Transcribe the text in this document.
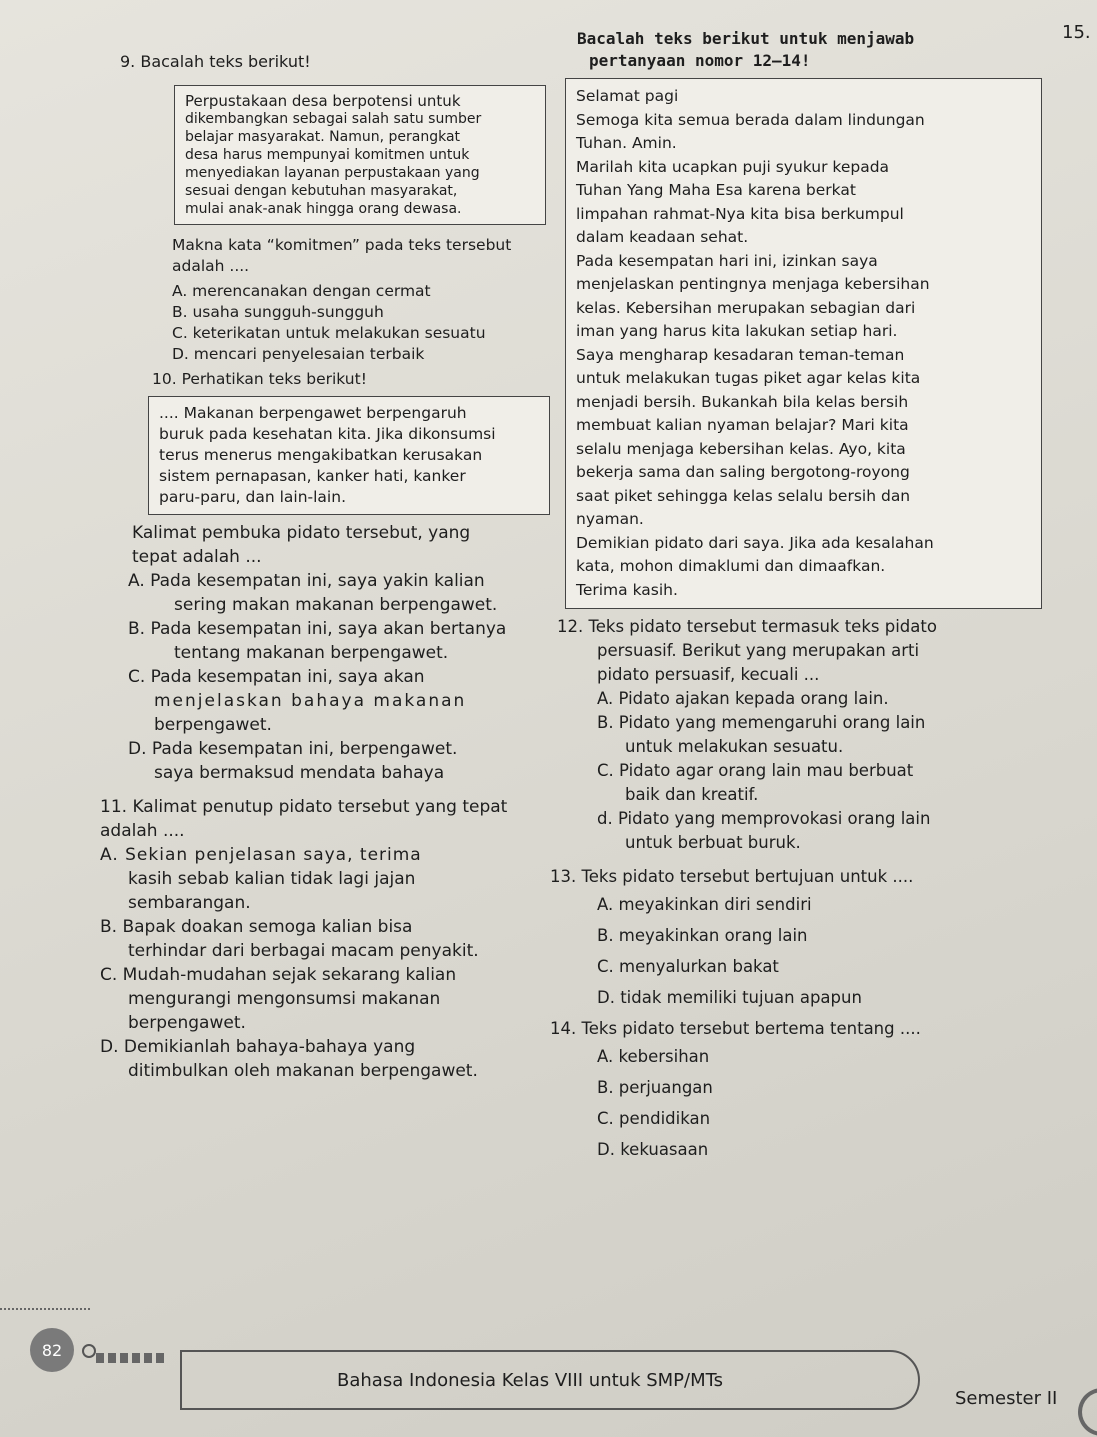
15.
9. Bacalah teks berikut!

Perpustakaan desa berpotensi untuk

dikembangkan sebagai salah satu sumber

belajar masyarakat. Namun, perangkat

desa harus mempunyai komitmen untuk

menyediakan layanan perpustakaan yang

sesuai dengan kebutuhan masyarakat,

mulai anak-anak hingga orang dewasa.

Makna kata “komitmen” pada teks tersebut
adalah ....
A. merencanakan dengan cermat
B. usaha sungguh-sungguh
C. keterikatan untuk melakukan sesuatu
D. mencari penyelesaian terbaik
10. Perhatikan teks berikut!

.... Makanan berpengawet berpengaruh

buruk pada kesehatan kita. Jika dikonsumsi

terus menerus mengakibatkan kerusakan

sistem pernapasan, kanker hati, kanker

paru-paru, dan lain-lain.

Kalimat pembuka pidato tersebut, yang
tepat adalah ...
A. Pada kesempatan ini, saya yakin kalian
sering makan makanan berpengawet.
B. Pada kesempatan ini, saya akan bertanya
tentang makanan berpengawet.
C. Pada kesempatan ini, saya akan
menjelaskan bahaya makanan
berpengawet.
D. Pada kesempatan ini, berpengawet.
saya bermaksud mendata bahaya
11. Kalimat penutup pidato tersebut yang tepat
adalah ....
A. Sekian penjelasan saya, terima
kasih sebab kalian tidak lagi jajan
sembarangan.
B. Bapak doakan semoga kalian bisa
terhindar dari berbagai macam penyakit.
C. Mudah-mudahan sejak sekarang kalian
mengurangi mengonsumsi makanan
berpengawet.
D. Demikianlah bahaya-bahaya yang
ditimbulkan oleh makanan berpengawet.
Bacalah teks berikut untuk menjawab
pertanyaan nomor 12–14!

Selamat pagi

Semoga kita semua berada dalam lindungan

Tuhan. Amin.

Marilah kita ucapkan puji syukur kepada

Tuhan Yang Maha Esa karena berkat

limpahan rahmat-Nya kita bisa berkumpul

dalam keadaan sehat.

Pada kesempatan hari ini, izinkan saya

menjelaskan pentingnya menjaga kebersihan

kelas. Kebersihan merupakan sebagian dari

iman yang harus kita lakukan setiap hari.

Saya mengharap kesadaran teman-teman

untuk melakukan tugas piket agar kelas kita

menjadi bersih. Bukankah bila kelas bersih

membuat kalian nyaman belajar? Mari kita

selalu menjaga kebersihan kelas. Ayo, kita

bekerja sama dan saling bergotong-royong

saat piket sehingga kelas selalu bersih dan

nyaman.

Demikian pidato dari saya. Jika ada kesalahan

kata, mohon dimaklumi dan dimaafkan.

Terima kasih.

12. Teks pidato tersebut termasuk teks pidato
persuasif. Berikut yang merupakan arti
pidato persuasif, kecuali ...
A. Pidato ajakan kepada orang lain.
B. Pidato yang memengaruhi orang lain
untuk melakukan sesuatu.
C. Pidato agar orang lain mau berbuat
baik dan kreatif.
d. Pidato yang memprovokasi orang lain
untuk berbuat buruk.
13. Teks pidato tersebut bertujuan untuk ....
A. meyakinkan diri sendiri
B. meyakinkan orang lain
C. menyalurkan bakat
D. tidak memiliki tujuan apapun
14. Teks pidato tersebut bertema tentang ....
A. kebersihan
B. perjuangan
C. pendidikan
D. kekuasaan
82
Bahasa Indonesia Kelas VIII untuk SMP/MTs
Semester II
